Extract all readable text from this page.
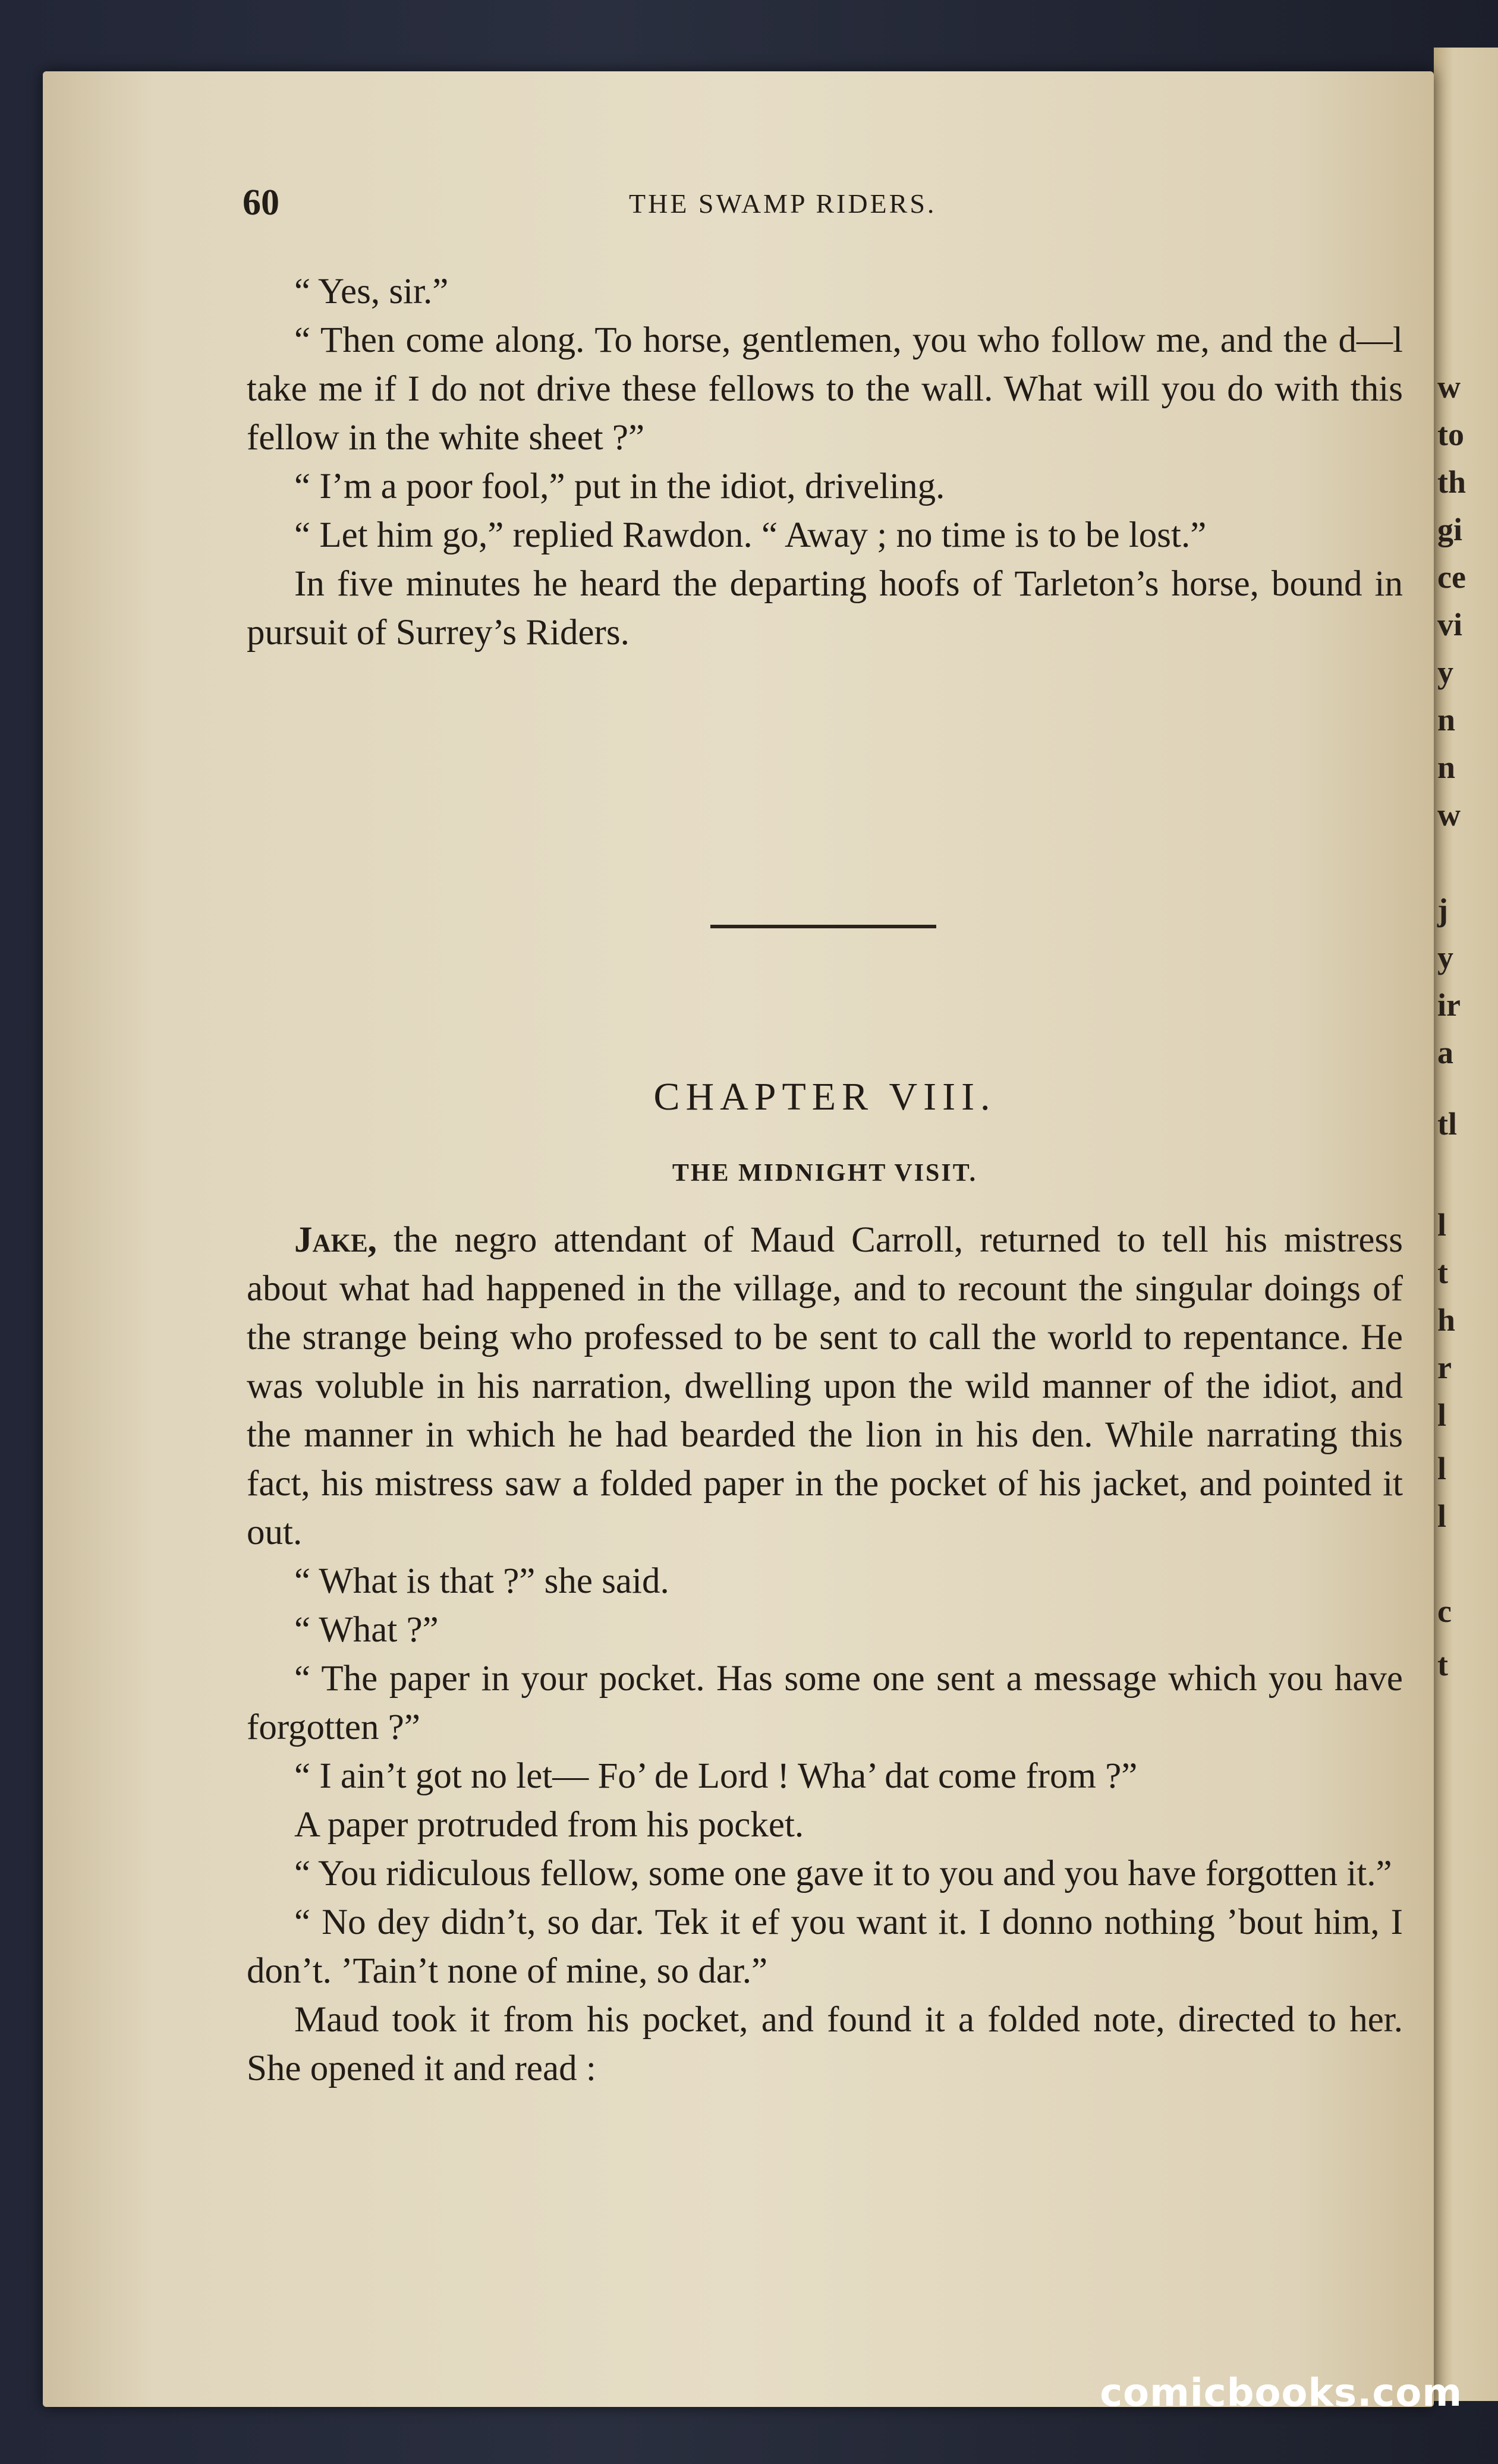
w
to
th
gi
ce
vi
y
n
n
w
j
y
ir
a
tl
l
t
h
r
l
l
l
c
t
60	THE SWAMP RIDERS.

“ Yes, sir.”

“ Then come along. To horse, gentlemen, you who follow me, and the d—l take me if I do not drive these fellows to the wall. What will you do with this fellow in the white sheet ?”

“ I’m a poor fool,” put in the idiot, driveling.

“ Let him go,” replied Rawdon. “ Away ; no time is to be lost.”

In five minutes he heard the departing hoofs of Tarleton’s horse, bound in pursuit of Surrey’s Riders.

CHAPTER VIII.
THE MIDNIGHT VISIT.

Jake, the negro attendant of Maud Carroll, returned to tell his mistress about what had happened in the village, and to recount the singular doings of the strange being who professed to be sent to call the world to repentance. He was voluble in his narration, dwelling upon the wild manner of the idiot, and the manner in which he had bearded the lion in his den. While narrating this fact, his mistress saw a folded paper in the pocket of his jacket, and pointed it out.

“ What is that ?” she said.

“ What ?”

“ The paper in your pocket. Has some one sent a message which you have forgotten ?”

“ I ain’t got no let— Fo’ de Lord ! Wha’ dat come from ?”

A paper protruded from his pocket.

“ You ridiculous fellow, some one gave it to you and you have forgotten it.”

“ No dey didn’t, so dar. Tek it ef you want it. I donno nothing ’bout him, I don’t. ’Tain’t none of mine, so dar.”

Maud took it from his pocket, and found it a folded note, directed to her. She opened it and read :

comicbooks.com
